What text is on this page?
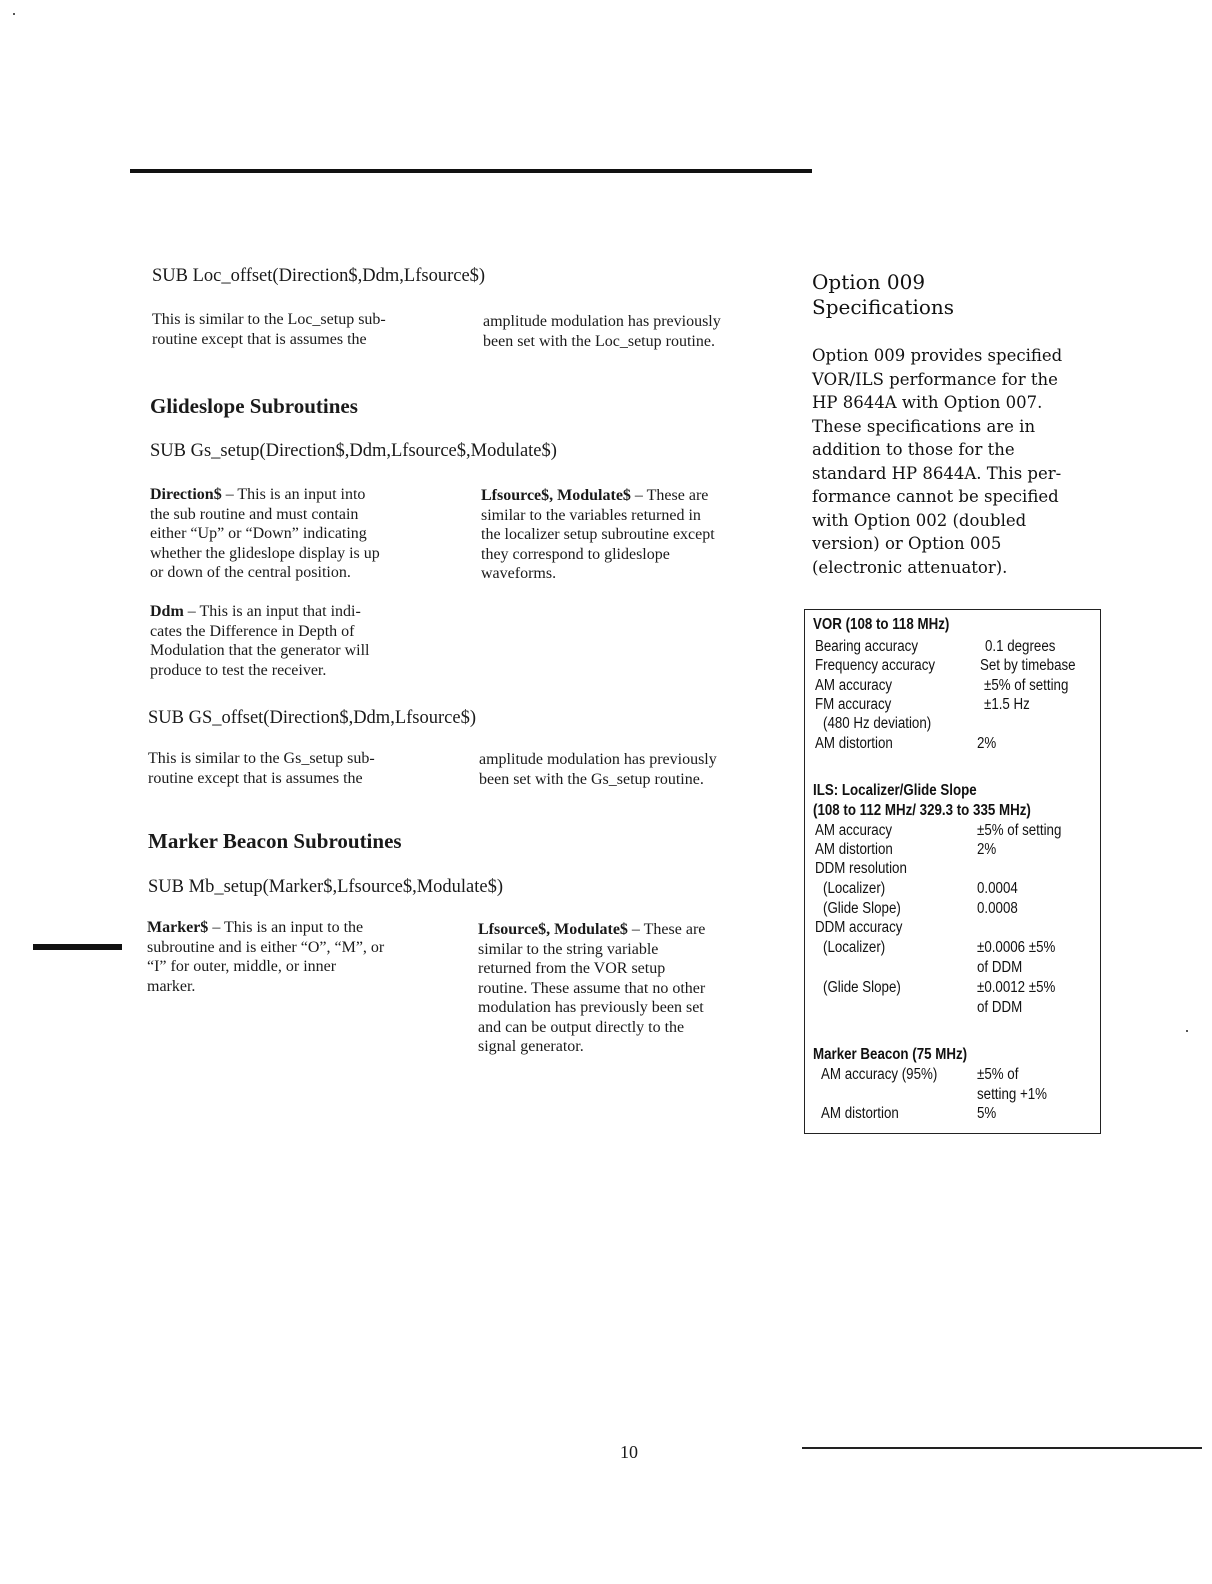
SUB Loc_offset(Direction$,Ddm,Lfsource$)

This is similar to the Loc_setup sub-
routine except that is assumes the

amplitude modulation has previously
been set with the Loc_setup routine.

Glideslope Subroutines
SUB Gs_setup(Direction$,Ddm,Lfsource$,Modulate$)

Direction$ – This is an input into
the sub routine and must contain
either “Up” or “Down” indicating
whether the glideslope display is up
or down of the central position.

Lfsource$, Modulate$ – These are
similar to the variables returned in
the localizer setup subroutine except
they correspond to glideslope
waveforms.

Ddm – This is an input that indi-
cates the Difference in Depth of
Modulation that the generator will
produce to test the receiver.

SUB GS_offset(Direction$,Ddm,Lfsource$)

This is similar to the Gs_setup sub-
routine except that is assumes the

amplitude modulation has previously
been set with the Gs_setup routine.

Marker Beacon Subroutines
SUB Mb_setup(Marker$,Lfsource$,Modulate$)

Marker$ – This is an input to the
subroutine and is either “O”, “M”, or
“I” for outer, middle, or inner
marker.

Lfsource$, Modulate$ – These are
similar to the string variable
returned from the VOR setup
routine. These assume that no other
modulation has previously been set
and can be output directly to the
signal generator.

Option 009
Specifications

Option 009 provides specified
VOR/ILS performance for the
HP 8644A with Option 007.
These specifications are in
addition to those for the
standard HP 8644A. This per-
formance cannot be specified
with Option 002 (doubled
version) or Option 005
(electronic attenuator).

VOR (108 to 118 MHz)
Bearing accuracy	0.1 degrees
Frequency accuracy	Set by timebase
AM accuracy	±5% of setting
FM accuracy	±1.5 Hz
(480 Hz deviation)
AM distortion	2%
ILS: Localizer/Glide Slope
(108 to 112 MHz/ 329.3 to 335 MHz)
AM accuracy	±5% of setting
AM distortion	2%
DDM resolution
(Localizer)	0.0004
(Glide Slope)	0.0008
DDM accuracy
(Localizer)	±0.0006 ±5%
of DDM
(Glide Slope)	±0.0012 ±5%
of DDM
Marker Beacon (75 MHz)
AM accuracy (95%)	±5% of
setting +1%
AM distortion	5%
10
